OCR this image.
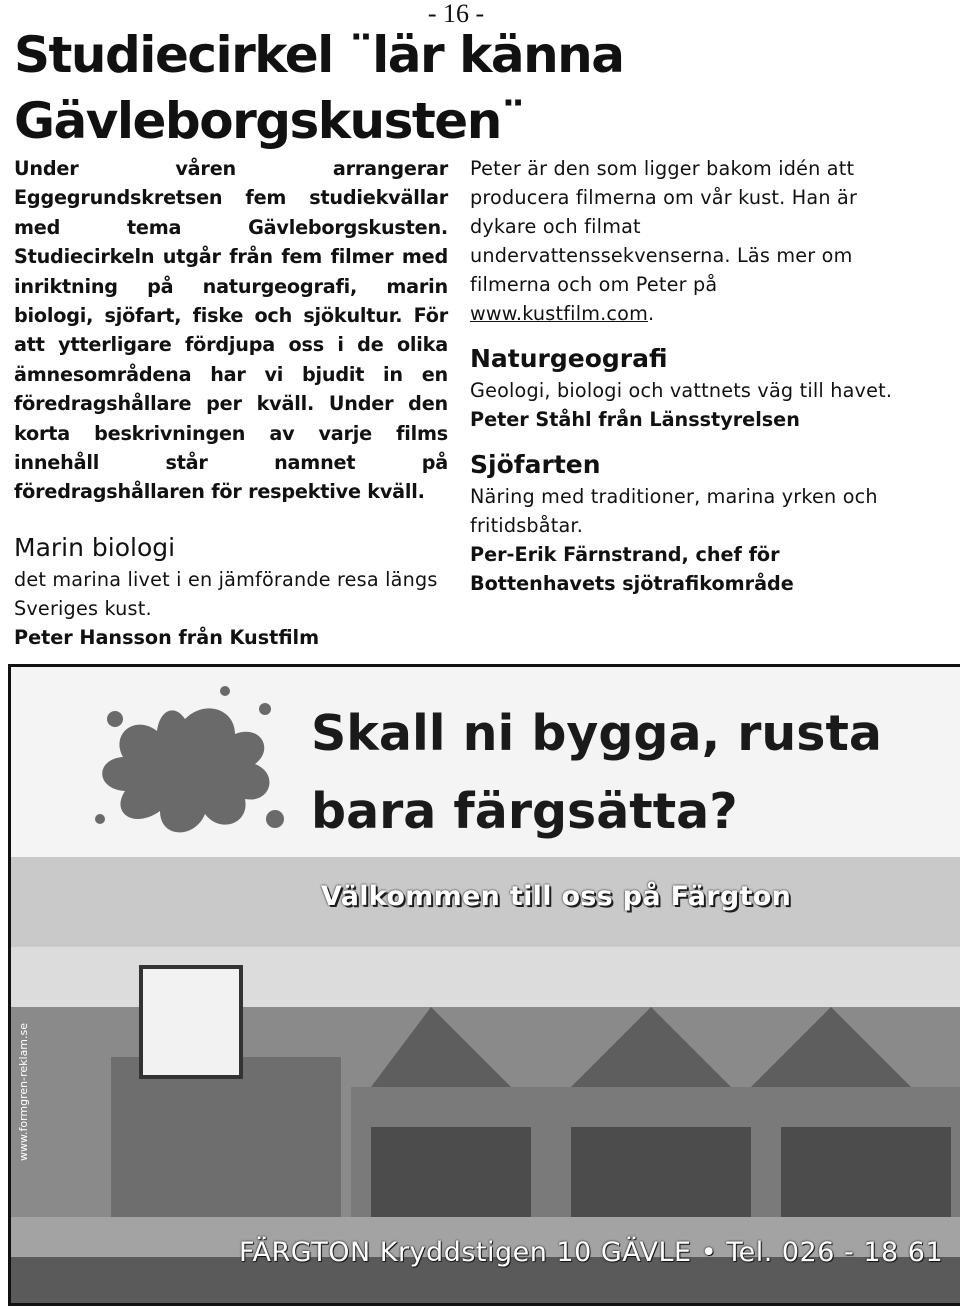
- 16 -
Studiecirkel ¨lär känna Gävleborgskusten¨

Under våren arrangerar Eggegrundskretsen fem studiekvällar med tema Gävleborgskusten. Studiecirkeln utgår från fem filmer med inriktning på naturgeografi, marin biologi, sjöfart, fiske och sjökultur. För att ytterligare fördjupa oss i de olika ämnesområdena har vi bjudit in en föredragshållare per kväll. Under den korta beskrivningen av varje films innehåll står namnet på föredragshållaren för respektive kväll.

Marin biologi

det marina livet i en jämförande resa längs Sveriges kust.

Peter Hansson från Kustfilm

Peter är den som ligger bakom idén att producera filmerna om vår kust. Han är dykare och filmat undervattenssekvenserna. Läs mer om filmerna och om Peter på www.kustfilm.com.

Naturgeografi

Geologi, biologi och vattnets väg till havet.

Peter Ståhl från Länsstyrelsen

Sjöfarten

Näring med traditioner, marina yrken och fritidsbåtar.

Per-Erik Färnstrand, chef för Bottenhavets sjötrafikområde

Skall ni bygga, rusta
bara färgsätta?

Välkommen till oss på Färgton

FÄRGTON Kryddstigen 10 GÄVLE • Tel. 026 - 18 61

www.formgren-reklam.se
